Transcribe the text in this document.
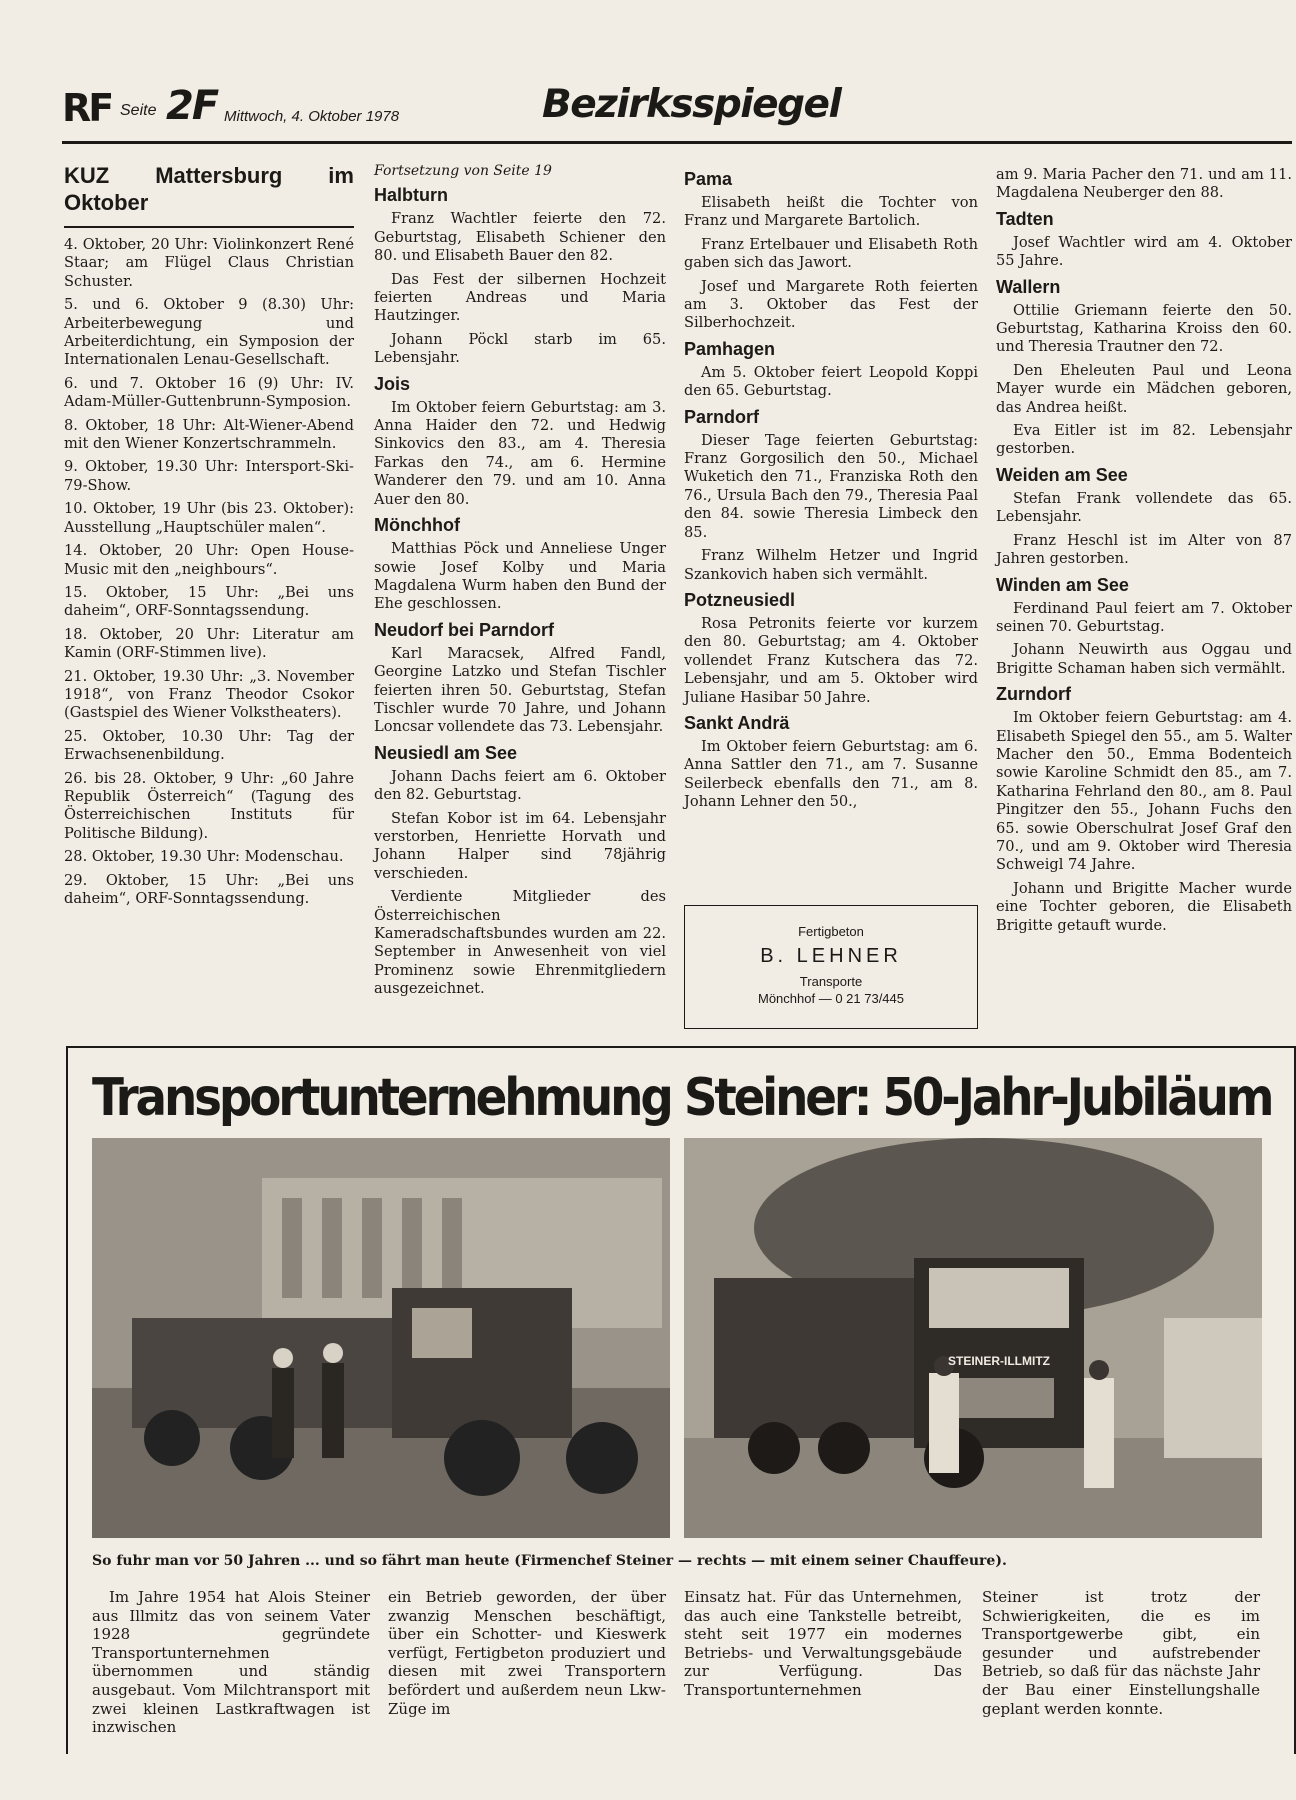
RF Seite 2F Mittwoch, 4. Oktober 1978	Bezirksspiegel
KUZ Mattersburg im Oktober

4. Oktober, 20 Uhr: Violinkonzert René Staar; am Flügel Claus Christian Schuster.

5. und 6. Oktober 9 (8.30) Uhr: Arbeiterbewegung und Arbeiterdichtung, ein Symposion der Internationalen Lenau-Gesellschaft.

6. und 7. Oktober 16 (9) Uhr: IV. Adam-Müller-Guttenbrunn-Symposion.

8. Oktober, 18 Uhr: Alt-Wiener-Abend mit den Wiener Konzertschrammeln.

9. Oktober, 19.30 Uhr: Intersport-Ski-79-Show.

10. Oktober, 19 Uhr (bis 23. Oktober): Ausstellung „Hauptschüler malen“.

14. Oktober, 20 Uhr: Open House-Music mit den „neighbours“.

15. Oktober, 15 Uhr: „Bei uns daheim“, ORF-Sonntagssendung.

18. Oktober, 20 Uhr: Literatur am Kamin (ORF-Stimmen live).

21. Oktober, 19.30 Uhr: „3. November 1918“, von Franz Theodor Csokor (Gastspiel des Wiener Volkstheaters).

25. Oktober, 10.30 Uhr: Tag der Erwachsenenbildung.

26. bis 28. Oktober, 9 Uhr: „60 Jahre Republik Österreich“ (Tagung des Österreichischen Instituts für Politische Bildung).

28. Oktober, 19.30 Uhr: Modenschau.

29. Oktober, 15 Uhr: „Bei uns daheim“, ORF-Sonntagssendung.

Fortsetzung von Seite 19
Halbturn

Franz Wachtler feierte den 72. Geburtstag, Elisabeth Schiener den 80. und Elisabeth Bauer den 82.

Das Fest der silbernen Hochzeit feierten Andreas und Maria Hautzinger.

Johann Pöckl starb im 65. Lebensjahr.

Jois

Im Oktober feiern Geburtstag: am 3. Anna Haider den 72. und Hedwig Sinkovics den 83., am 4. Theresia Farkas den 74., am 6. Hermine Wanderer den 79. und am 10. Anna Auer den 80.

Mönchhof

Matthias Pöck und Anneliese Unger sowie Josef Kolby und Maria Magdalena Wurm haben den Bund der Ehe geschlossen.

Neudorf bei Parndorf

Karl Maracsek, Alfred Fandl, Georgine Latzko und Stefan Tischler feierten ihren 50. Geburtstag, Stefan Tischler wurde 70 Jahre, und Johann Loncsar vollendete das 73. Lebensjahr.

Neusiedl am See

Johann Dachs feiert am 6. Oktober den 82. Geburtstag.

Stefan Kobor ist im 64. Lebensjahr verstorben, Henriette Horvath und Johann Halper sind 78jährig verschieden.

Verdiente Mitglieder des Österreichischen Kameradschaftsbundes wurden am 22. September in Anwesenheit von viel Prominenz sowie Ehrenmitgliedern ausgezeichnet.

Pama

Elisabeth heißt die Tochter von Franz und Margarete Bartolich.

Franz Ertelbauer und Elisabeth Roth gaben sich das Jawort.

Josef und Margarete Roth feierten am 3. Oktober das Fest der Silberhochzeit.

Pamhagen

Am 5. Oktober feiert Leopold Koppi den 65. Geburtstag.

Parndorf

Dieser Tage feierten Geburtstag: Franz Gorgosilich den 50., Michael Wuketich den 71., Franziska Roth den 76., Ursula Bach den 79., Theresia Paal den 84. sowie Theresia Limbeck den 85.

Franz Wilhelm Hetzer und Ingrid Szankovich haben sich vermählt.

Potzneusiedl

Rosa Petronits feierte vor kurzem den 80. Geburtstag; am 4. Oktober vollendet Franz Kutschera das 72. Lebensjahr, und am 5. Oktober wird Juliane Hasibar 50 Jahre.

Sankt Andrä

Im Oktober feiern Geburtstag: am 6. Anna Sattler den 71., am 7. Susanne Seilerbeck ebenfalls den 71., am 8. Johann Lehner den 50.,

Fertigbeton
B. LEHNER
Transporte
Mönchhof — 0 21 73/445

am 9. Maria Pacher den 71. und am 11. Magdalena Neuberger den 88.

Tadten

Josef Wachtler wird am 4. Oktober 55 Jahre.

Wallern

Ottilie Griemann feierte den 50. Geburtstag, Katharina Kroiss den 60. und Theresia Trautner den 72.

Den Eheleuten Paul und Leona Mayer wurde ein Mädchen geboren, das Andrea heißt.

Eva Eitler ist im 82. Lebensjahr gestorben.

Weiden am See

Stefan Frank vollendete das 65. Lebensjahr.

Franz Heschl ist im Alter von 87 Jahren gestorben.

Winden am See

Ferdinand Paul feiert am 7. Oktober seinen 70. Geburtstag.

Johann Neuwirth aus Oggau und Brigitte Schaman haben sich vermählt.

Zurndorf

Im Oktober feiern Geburtstag: am 4. Elisabeth Spiegel den 55., am 5. Walter Macher den 50., Emma Bodenteich sowie Karoline Schmidt den 85., am 7. Katharina Fehrland den 80., am 8. Paul Pingitzer den 55., Johann Fuchs den 65. sowie Oberschulrat Josef Graf den 70., und am 9. Oktober wird Theresia Schweigl 74 Jahre.

Johann und Brigitte Macher wurde eine Tochter geboren, die Elisabeth Brigitte getauft wurde.

Transportunternehmung Steiner: 50-Jahr-Jubiläum
STEINER-ILLMITZ
So fuhr man vor 50 Jahren ... und so fährt man heute (Firmenchef Steiner — rechts — mit einem seiner Chauffeure).

Im Jahre 1954 hat Alois Steiner aus Illmitz das von seinem Vater 1928 gegründete Transportunternehmen übernommen und ständig ausgebaut. Vom Milchtransport mit zwei kleinen Lastkraftwagen ist inzwischen

ein Betrieb geworden, der über zwanzig Menschen beschäftigt, über ein Schotter- und Kieswerk verfügt, Fertigbeton produziert und diesen mit zwei Transportern befördert und außerdem neun Lkw-Züge im

Einsatz hat. Für das Unternehmen, das auch eine Tankstelle betreibt, steht seit 1977 ein modernes Betriebs- und Verwaltungsgebäude zur Verfügung. Das Transportunternehmen

Steiner ist trotz der Schwierigkeiten, die es im Transportgewerbe gibt, ein gesunder und aufstrebender Betrieb, so daß für das nächste Jahr der Bau einer Einstellungshalle geplant werden konnte.
